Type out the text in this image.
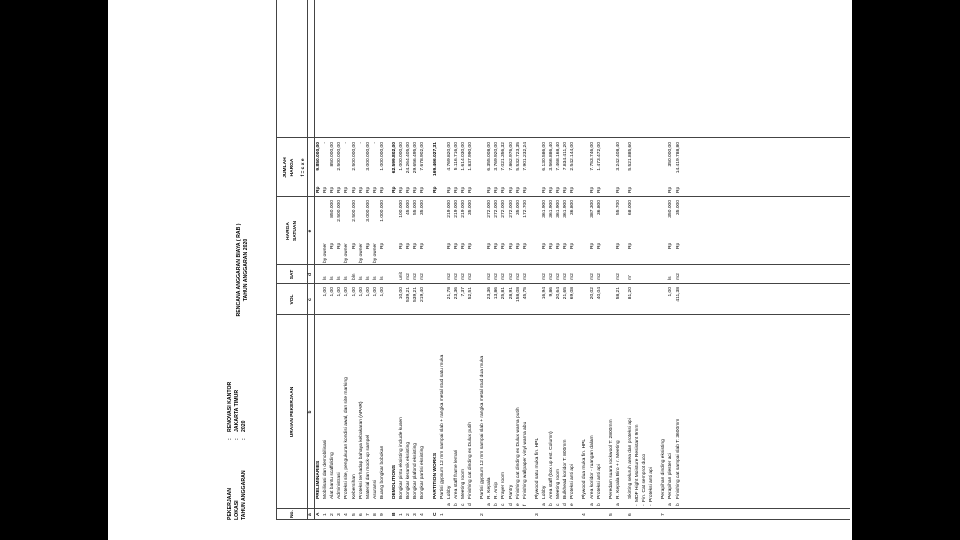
PEKERJAAN LOKASI TAHUN ANGGARAN
: : :
RENOVASI KANTOR JAKARTA TIMUR 2020
RENCANA ANGGARAN BIAYA ( RAB ) TAHUN ANGGARAN 2020
No.
URAIAN PEKERJAAN
VOL
SAT
HARGA SATUAN
JUMLAH HARGA
a
b
c
d
e
f = c x e
A
PRELIMINARIES
Rp
9.850.000,00
1
Mobilisasi dan demobilisasi
1,00
ls
by owner
Rp
-
2
Alat bantu scaffolding
1,00
ls
Rp
850.000
Rp
850.000,00
3
Administrasi
1,00
ls
Rp
2.500.000
Rp
2.500.000,00
4
Proteksi site, pengukuran kondisi awal, dan site marking
1,00
ls
by owner
Rp
-
5
Kebersihan
1,00
bln
Rp
2.500.000
Rp
2.500.000,00
6
Proteksi terhadap bahaya kebakaran (APAR)
1,00
ls
by owner
Rp
-
7
Material dan mock-up sampel
1,00
ls
Rp
3.000.000
Rp
3.000.000,00
8
Asuransi
1,00
ls
by owner
Rp
-
9
Buang bongkar bobokan
1,00
ls
Rp
1.000.000
Rp
1.000.000,00
B
DEMOLITIONS
Rp
62.599.802,00
1
Bongkar pintu eksisting include kusen
10,00
unit
Rp
100.000
Rp
1.000.000,00
2
Bongkar keramik eksisting
539,21
m2
Rp
45.000
Rp
24.264.405,00
3
Bongkar plafond eksisting
539,21
m2
Rp
55.000
Rp
29.656.495,00
4
Bongkar partisi eksisting
219,40
m2
Rp
35.000
Rp
7.678.902,00
C
PARTITION WORKS
Rp
169.466.027,31
1
Partisi gypsum 12 mm sampai slab + rangka metal stud satu muka
a
Lobby
21,78
m2
Rp
219.000
Rp
4.769.820,00
b
Area staff frame lemari
23,36
m2
Rp
219.000
Rp
5.116.716,00
c
Meeting room
7,37
m2
Rp
219.000
Rp
1.614.030,00
d
Finishing cat dinding ex Dulux putih
52,51
m2
Rp
35.000
Rp
1.837.990,00
2
Partisi gypsum 12 mm sampai slab + rangka metal stud dua muka
a
R. Kepala
23,36
m2
Rp
272.000
Rp
6.355.008,00
b
R. Arsip
13,86
m2
Rp
272.000
Rp
3.769.920,00
c
Prayer room
25,81
m2
Rp
272.000
Rp
7.021.356,32
d
Pantry
28,91
m2
Rp
272.000
Rp
7.862.976,00
e
Finishing cat dinding ex Dulux warna putih
158,08
m2
Rp
35.000
Rp
5.532.723,35
f
Finishing wallpaper vinyl warna abu
45,75
m2
Rp
172.700
Rp
7.901.232,24
3
Plywood satu muka fin. HPL
a
Lobby
16,94
m2
Rp
361.900
Rp
6.130.586,00
b
Area staff (box up ext. Column)
9,86
m2
Rp
361.900
Rp
3.566.886,40
c
Meeting room
20,64
m2
Rp
361.900
Rp
7.468.168,40
d
Bulkhead koridor T: 800mm
21,65
m2
Rp
361.900
Rp
7.834.411,20
e
Proteksi anti api
69,08
m2
Rp
36.800
Rp
2.542.144,00
4
Plywood dua muka fin. HPL
a
Area koridor - ruangan dalam
20,02
m2
Rp
387.300
Rp
7.753.746,00
b
Proteksi anti api
40,04
m2
Rp
36.800
Rp
1.473.472,00
5
Peredam suara rockwool T: 2800mm
a
R. Kepala Biro + r. Meeting
58,21
m2
Rp
55.700
Rp
3.242.408,40
6
Skirting seluruh area dan proteksi api
81,20
m'
Rp
68.000
Rp
5.521.885,60
MDF Hight Moisture Resistant 9mm
-
Fin. Cat semprot duco
-
Proteksi anti api
-
7
Perapihan dinding eksisting
a
Perapihan plester aci
1,00
ls
Rp
350.000
Rp
350.000,00
b
Finishing cat sampai slab T: 3600mm
411,38
m2
Rp
35.000
Rp
14.419.788,80
